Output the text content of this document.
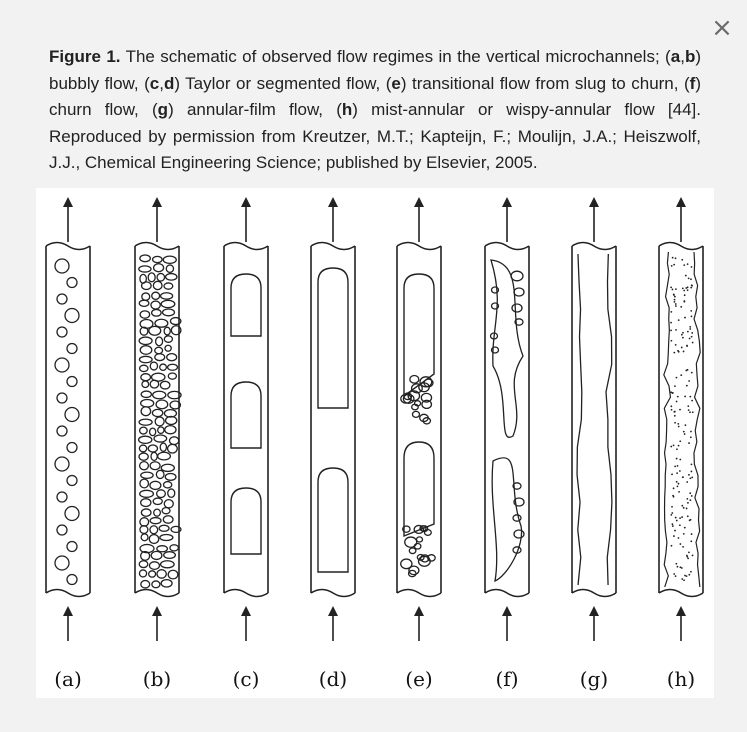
×
Figure 1. The schematic of observed flow regimes in the vertical microchannels; (a,b) bubbly flow, (c,d) Taylor or segmented flow, (e) transitional flow from slug to churn, (f) churn flow, (g) annular-film flow, (h) mist-annular or wispy-annular flow [44]. Reproduced by permission from Kreutzer, M.T.; Kapteijn, F.; Moulijn, J.A.; Heiszwolf, J.J., Chemical Engineering Science; published by Elsevier, 2005.
(a)	(b)	(c)	(d)	(e)	(f)	(g)	(h)
